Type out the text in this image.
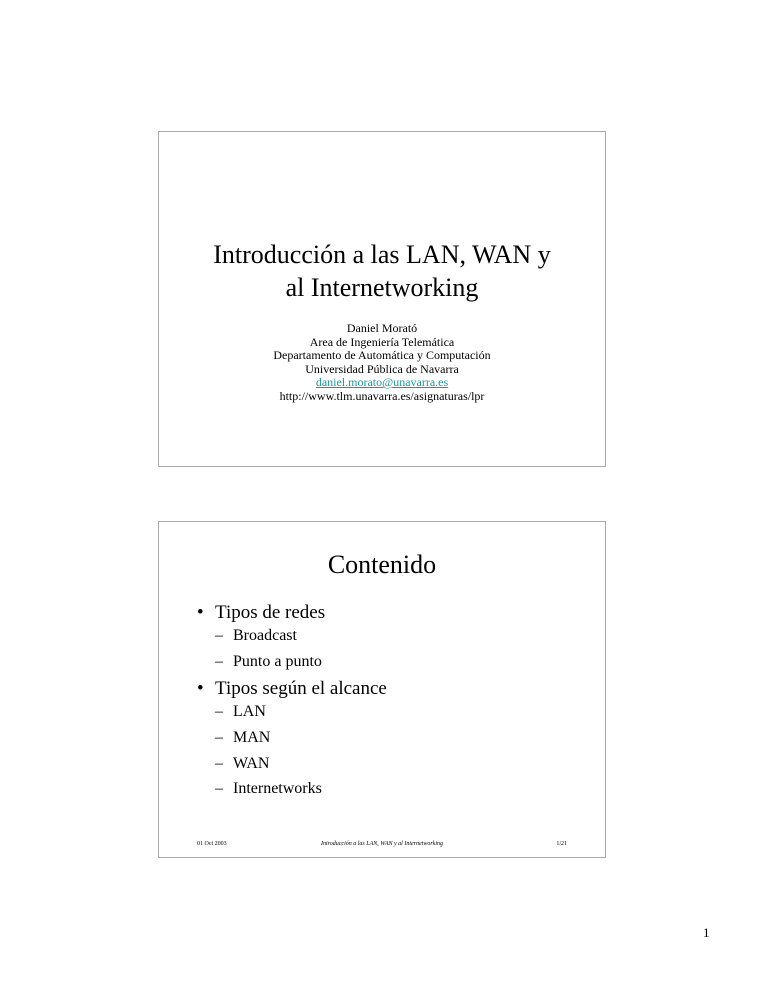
Introducción a las LAN, WAN y
al Internetworking
Daniel Morató
Area de Ingeniería Telemática
Departamento de Automática y Computación
Universidad Pública de Navarra
daniel.morato@unavarra.es
http://www.tlm.unavarra.es/asignaturas/lpr
Contenido
• Tipos de redes
– Broadcast
– Punto a punto
• Tipos según el alcance
– LAN
– MAN
– WAN
– Internetworks
01 Oct 2003	Introducción a las LAN, WAN y al Internetworking	1/21
1
